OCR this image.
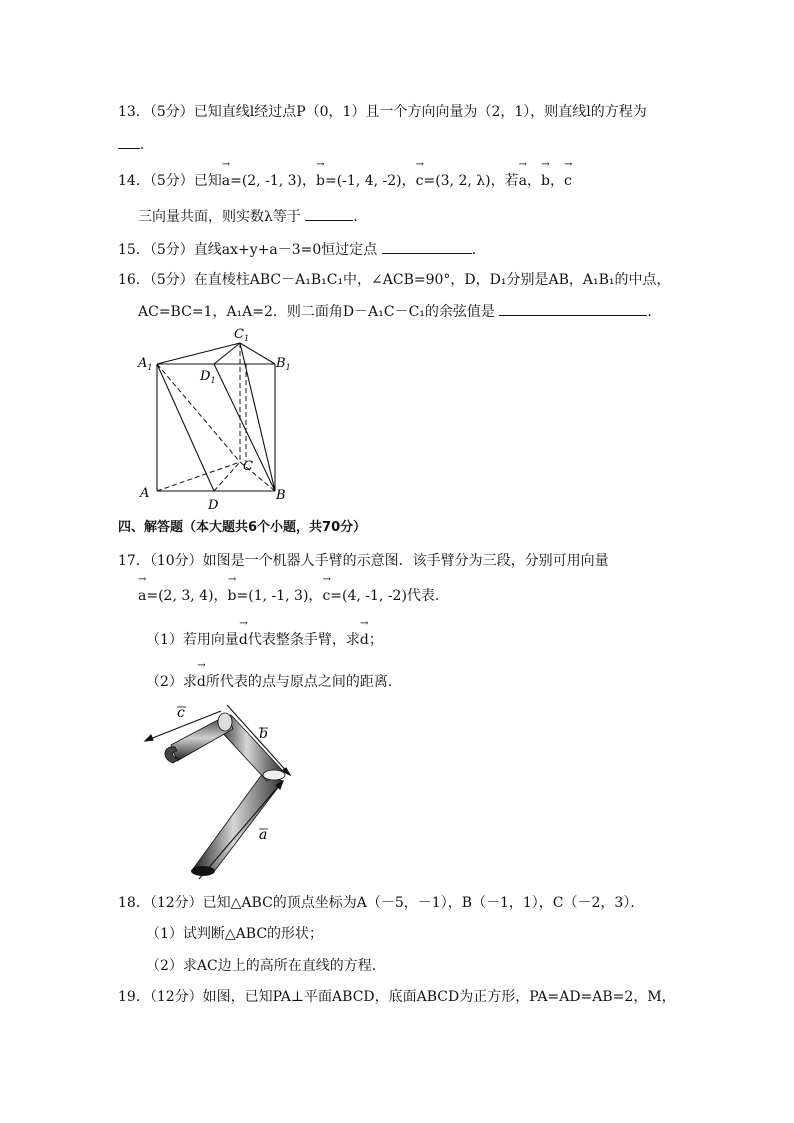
13．（5分）已知直线l经过点P（0，1）且一个方向向量为（2，1），则直线l的方程为
．
14．（5分）已知→ a=(2, -1, 3)，→ b=(-1, 4, -2)，→ c=(3, 2, λ)，若→ a，→ b，→ c
三向量共面，则实数λ等于	．
15．（5分）直线ax+y+a－3=0恒过定点	．
16．（5分）在直棱柱ABC－A₁B₁C₁中，∠ACB=90°，D，D₁分别是AB，A₁B₁的中点，
AC=BC=1，A₁A=2．则二面角D－A₁C－C₁的余弦值是	．
$A_1$
$C_1$
$B_1$
$D_1$
C
A
D
B
四、解答题（本大题共6个小题，共70分）
17．（10分）如图是一个机器人手臂的示意图．该手臂分为三段，分别可用向量
→ a=(2, 3, 4)，→ b=(1, -1, 3)，→ c=(4, -1, -2)代表．
（1）若用向量→ d代表整条手臂，求→ d；
（2）求→ d所代表的点与原点之间的距离．
c
b
a
18．（12分）已知△ABC的顶点坐标为A（－5，－1），B（－1，1），C（－2，3）．
（1）试判断△ABC的形状；
（2）求AC边上的高所在直线的方程．
19．（12分）如图，已知PA⊥平面ABCD，底面ABCD为正方形，PA=AD=AB=2，M，
